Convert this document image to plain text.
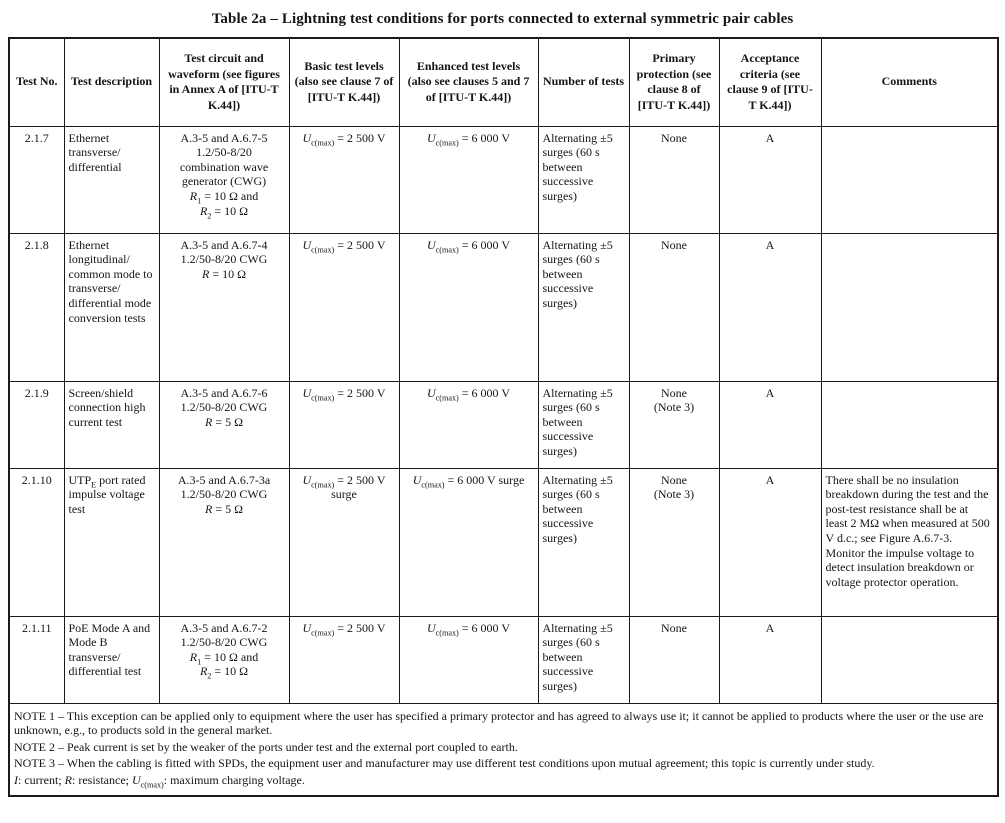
Table 2a – Lightning test conditions for ports connected to external symmetric pair cables
Test No.	Test description	Test circuit and waveform (see figures in Annex A of [ITU-T K.44])	Basic test levels (also see clause 7 of [ITU-T K.44])	Enhanced test levels (also see clauses 5 and 7 of [ITU-T K.44])	Number of tests	Primary protection (see clause 8 of [ITU-T K.44])	Acceptance criteria (see clause 9 of [ITU-T K.44])	Comments
2.1.7	Ethernet transverse/ differential	A.3-5 and A.6.7-5
1.2/50-8/20
combination wave generator (CWG)
$R_1 = 10$ Ω and
$R_2 = 10$ Ω	$U_{c(max)} = 2$ 500 V	$U_{c(max)} = 6$ 000 V	Alternating ±5 surges (60 s between successive surges)	None	A	
2.1.8	Ethernet longitudinal/ common mode to transverse/ differential mode conversion tests	A.3-5 and A.6.7-4
1.2/50-8/20 CWG
R = 10 Ω	$U_{c(max)} = 2$ 500 V	$U_{c(max)} = 6$ 000 V	Alternating ±5 surges (60 s between successive surges)	None	A	
2.1.9	Screen/shield connection high current test	A.3-5 and A.6.7-6
1.2/50-8/20 CWG
R = 5 Ω	$U_{c(max)} = 2$ 500 V	$U_{c(max)} = 6$ 000 V	Alternating ±5 surges (60 s between successive surges)	None
(Note 3)	A	
2.1.10	$UTP_E$ port rated impulse voltage test	A.3-5 and A.6.7-3a
1.2/50-8/20 CWG
R = 5 Ω	$U_{c(max)} = 2$ 500 V surge	$U_{c(max)} = 6$ 000 V surge	Alternating ±5 surges (60 s between successive surges)	None
(Note 3)	A	There shall be no insulation breakdown during the test and the post-test resistance shall be at least 2 MΩ when measured at 500 V d.c.; see Figure A.6.7-3. Monitor the impulse voltage to detect insulation breakdown or voltage protector operation.
2.1.11	PoE Mode A and Mode B transverse/ differential test	A.3-5 and A.6.7-2
1.2/50-8/20 CWG
$R_1 = 10$ Ω and
$R_2 = 10$ Ω	$U_{c(max)} = 2$ 500 V	$U_{c(max)} = 6$ 000 V	Alternating ±5 surges (60 s between successive surges)	None	A	

NOTE 1 – This exception can be applied only to equipment where the user has specified a primary protector and has agreed to always use it; it cannot be applied to products where the user or the use are unknown, e.g., to products sold in the general market.

NOTE 2 – Peak current is set by the weaker of the ports under test and the external port coupled to earth.

NOTE 3 – When the cabling is fitted with SPDs, the equipment user and manufacturer may use different test conditions upon mutual agreement; this topic is currently under study.

I: current; R: resistance; $U_{c(max)}$: maximum charging voltage.								
